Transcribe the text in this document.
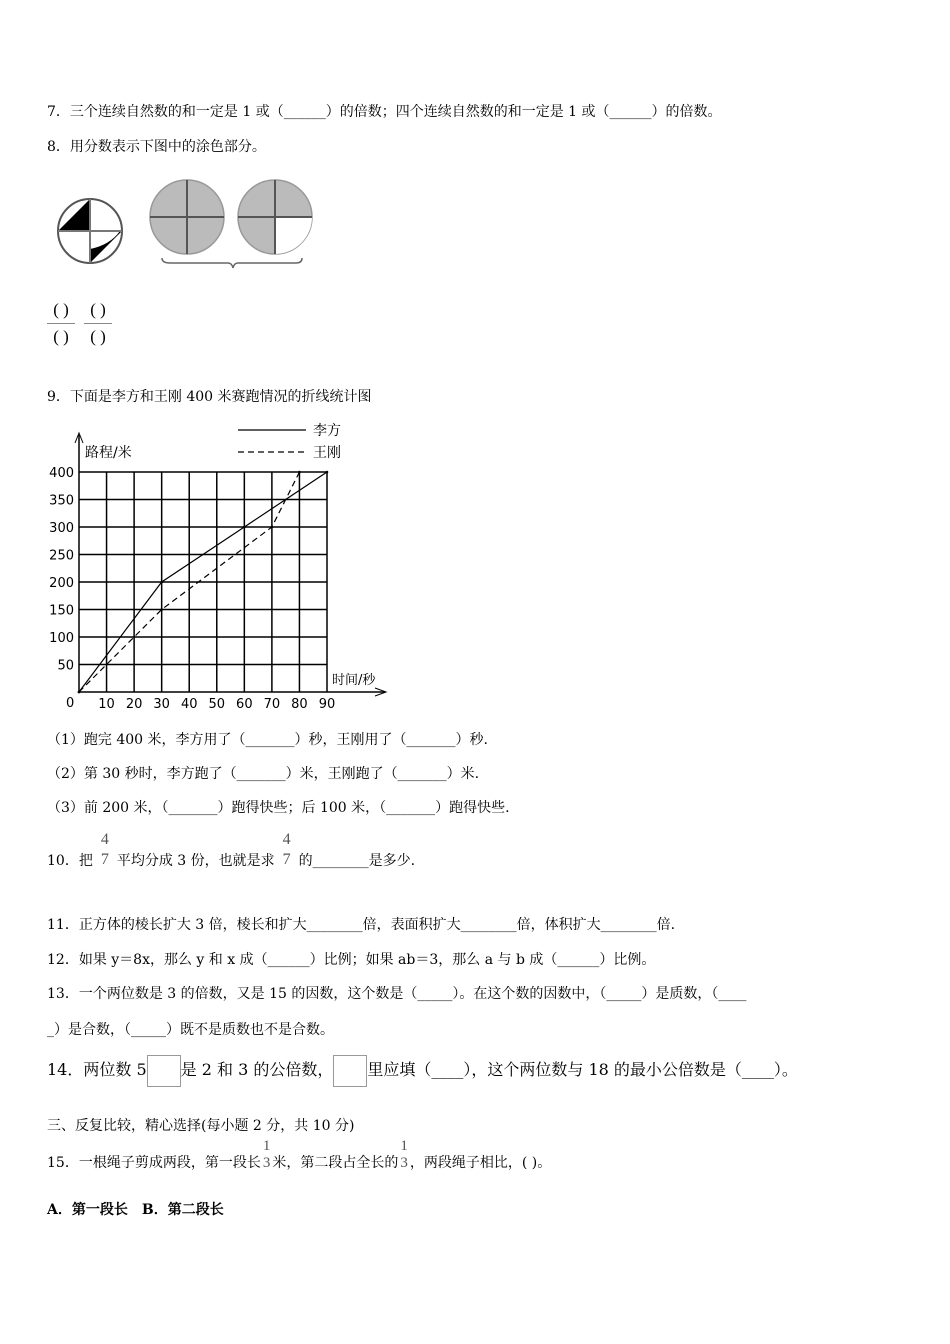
7．三个连续自然数的和一定是 1 或（______）的倍数；四个连续自然数的和一定是 1 或（______）的倍数。
8．用分数表示下图中的涂色部分。
( )
( )
( )
( )
9．下面是李方和王刚 400 米赛跑情况的折线统计图
10 20 30 40 50 60 70 80 90
50
100
150
200
250
300
350
400
0
路程/米
时间/秒
李方
王刚
（1）跑完 400 米，李方用了（_______）秒，王刚用了（_______）秒.
（2）第 30 秒时，李方跑了（_______）米，王刚跑了（_______）米.
（3）前 200 米，（_______）跑得快些；后 100 米，（_______）跑得快些.
10．把
4
7 平均分成 3 份，也就是求
4
7 的________是多少.
11．正方体的棱长扩大 3 倍，棱长和扩大________倍，表面积扩大________倍，体积扩大________倍.
12．如果 y＝8x，那么 y 和 x 成（______）比例；如果 ab＝3，那么 a 与 b 成（______）比例。
13．一个两位数是 3 的倍数，又是 15 的因数，这个数是（_____）。在这个数的因数中，（_____）是质数，（____
_）是合数，（_____）既不是质数也不是合数。
14．两位数 5 是 2 和 3 的公倍数， 里应填（____），这个两位数与 18 的最小公倍数是（____）。
三、反复比较，精心选择(每小题 2 分，共 10 分)
15．一根绳子剪成两段，第一段长
1
3 米，第二段占全长的
1
3 ，两段绳子相比，( )。
A．第一段长　B．第二段长
